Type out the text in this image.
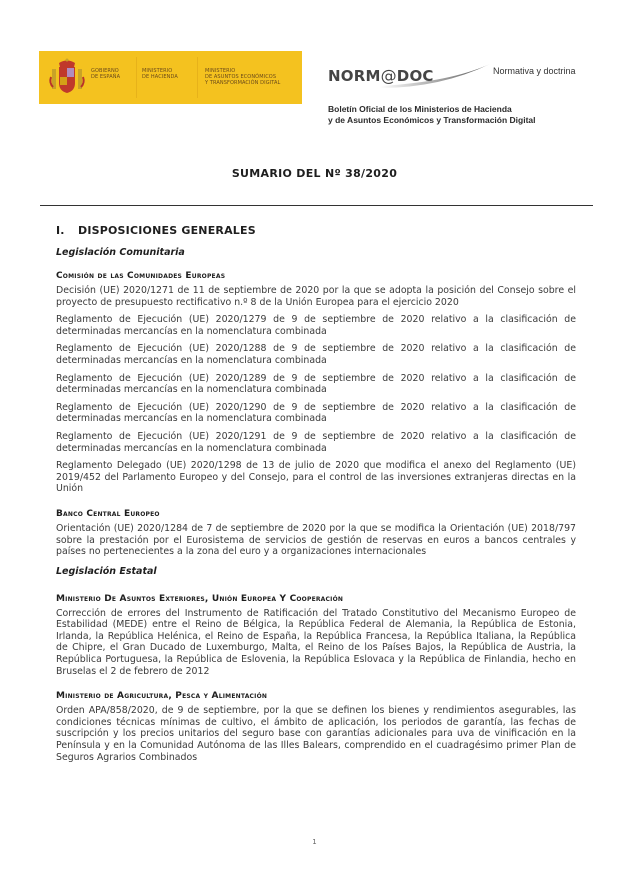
GOBIERNO
DE ESPAÑA
MINISTERIO
DE HACIENDA
MINISTERIO
DE ASUNTOS ECONÓMICOS
Y TRANSFORMACIÓN DIGITAL	NORM@DOC	Normativa y doctrina
Boletín Oficial de los Ministerios de Hacienda
y de Asuntos Económicos y Transformación Digital
SUMARIO DEL Nº 38/2020
I. DISPOSICIONES GENERALES
Legislación Comunitaria
Comisión de las Comunidades Europeas
Decisión (UE) 2020/1271 de 11 de septiembre de 2020 por la que se adopta la posición del Consejo sobre el proyecto de presupuesto rectificativo n.º 8 de la Unión Europea para el ejercicio 2020
Reglamento de Ejecución (UE) 2020/1279 de 9 de septiembre de 2020 relativo a la clasificación de determinadas mercancías en la nomenclatura combinada
Reglamento de Ejecución (UE) 2020/1288 de 9 de septiembre de 2020 relativo a la clasificación de determinadas mercancías en la nomenclatura combinada
Reglamento de Ejecución (UE) 2020/1289 de 9 de septiembre de 2020 relativo a la clasificación de determinadas mercancías en la nomenclatura combinada
Reglamento de Ejecución (UE) 2020/1290 de 9 de septiembre de 2020 relativo a la clasificación de determinadas mercancías en la nomenclatura combinada
Reglamento de Ejecución (UE) 2020/1291 de 9 de septiembre de 2020 relativo a la clasificación de determinadas mercancías en la nomenclatura combinada
Reglamento Delegado (UE) 2020/1298 de 13 de julio de 2020 que modifica el anexo del Reglamento (UE) 2019/452 del Parlamento Europeo y del Consejo, para el control de las inversiones extranjeras directas en la Unión
Banco Central Europeo
Orientación (UE) 2020/1284 de 7 de septiembre de 2020 por la que se modifica la Orientación (UE) 2018/797 sobre la prestación por el Eurosistema de servicios de gestión de reservas en euros a bancos centrales y países no pertenecientes a la zona del euro y a organizaciones internacionales
Legislación Estatal
Ministerio De Asuntos Exteriores, Unión Europea Y Cooperación
Corrección de errores del Instrumento de Ratificación del Tratado Constitutivo del Mecanismo Europeo de Estabilidad (MEDE) entre el Reino de Bélgica, la República Federal de Alemania, la República de Estonia, Irlanda, la República Helénica, el Reino de España, la República Francesa, la República Italiana, la República de Chipre, el Gran Ducado de Luxemburgo, Malta, el Reino de los Países Bajos, la República de Austria, la República Portuguesa, la República de Eslovenia, la República Eslovaca y la República de Finlandia, hecho en Bruselas el 2 de febrero de 2012
Ministerio de Agricultura, Pesca y Alimentación
Orden APA/858/2020, de 9 de septiembre, por la que se definen los bienes y rendimientos asegurables, las condiciones técnicas mínimas de cultivo, el ámbito de aplicación, los periodos de garantía, las fechas de suscripción y los precios unitarios del seguro base con garantías adicionales para uva de vinificación en la Península y en la Comunidad Autónoma de las Illes Balears, comprendido en el cuadragésimo primer Plan de Seguros Agrarios Combinados
1
